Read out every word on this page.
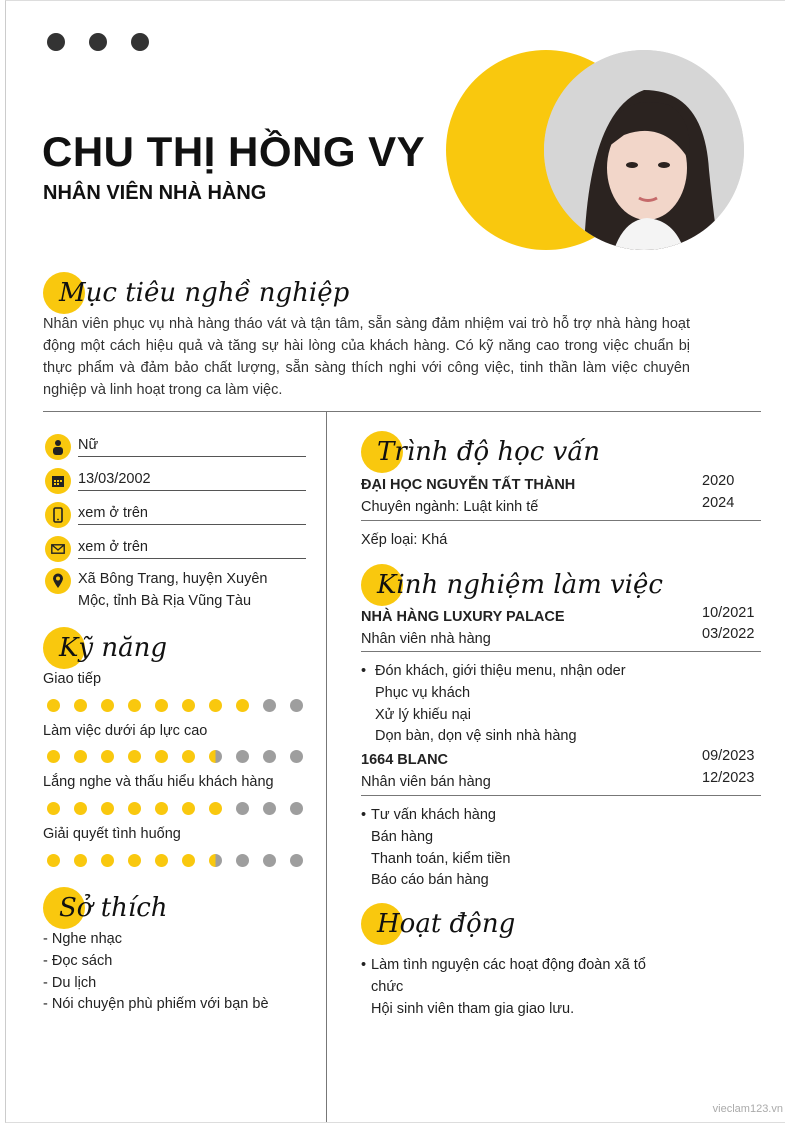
CHU THỊ HỒNG VY
NHÂN VIÊN NHÀ HÀNG
Mục tiêu nghề nghiệp
Nhân viên phục vụ nhà hàng tháo vát và tận tâm, sẵn sàng đảm nhiệm vai trò hỗ trợ nhà hàng hoạt động một cách hiệu quả và tăng sự hài lòng của khách hàng. Có kỹ năng cao trong việc chuẩn bị thực phẩm và đảm bảo chất lượng, sẵn sàng thích nghi với công việc, tinh thần làm việc chuyên nghiệp và linh hoạt trong ca làm việc.
Nữ
13/03/2002
xem ở trên
xem ở trên
Xã Bông Trang, huyện Xuyên
Mộc, tỉnh Bà Rịa Vũng Tàu
Kỹ năng
Giao tiếp
Làm việc dưới áp lực cao
Lắng nghe và thấu hiểu khách hàng
Giải quyết tình huống
Sở thích
- Nghe nhạc
- Đọc sách
- Du lịch
- Nói chuyện phù phiếm với bạn bè
Trình độ học vấn
ĐẠI HỌC NGUYỄN TẤT THÀNH
Chuyên ngành: Luật kinh tế
2020
2024
Xếp loại: Khá
Kinh nghiệm làm việc
NHÀ HÀNG LUXURY PALACE
Nhân viên nhà hàng
10/2021
03/2022
• Đón khách, giới thiệu menu, nhận oder
Phục vụ khách
Xử lý khiếu nại
Dọn bàn, dọn vệ sinh nhà hàng
1664 BLANC
Nhân viên bán hàng
09/2023
12/2023
• Tư vấn khách hàng
Bán hàng
Thanh toán, kiểm tiền
Báo cáo bán hàng
Hoạt động
• Làm tình nguyện các hoạt động đoàn xã tổ
chức
Hội sinh viên tham gia giao lưu.
vieclam123.vn
